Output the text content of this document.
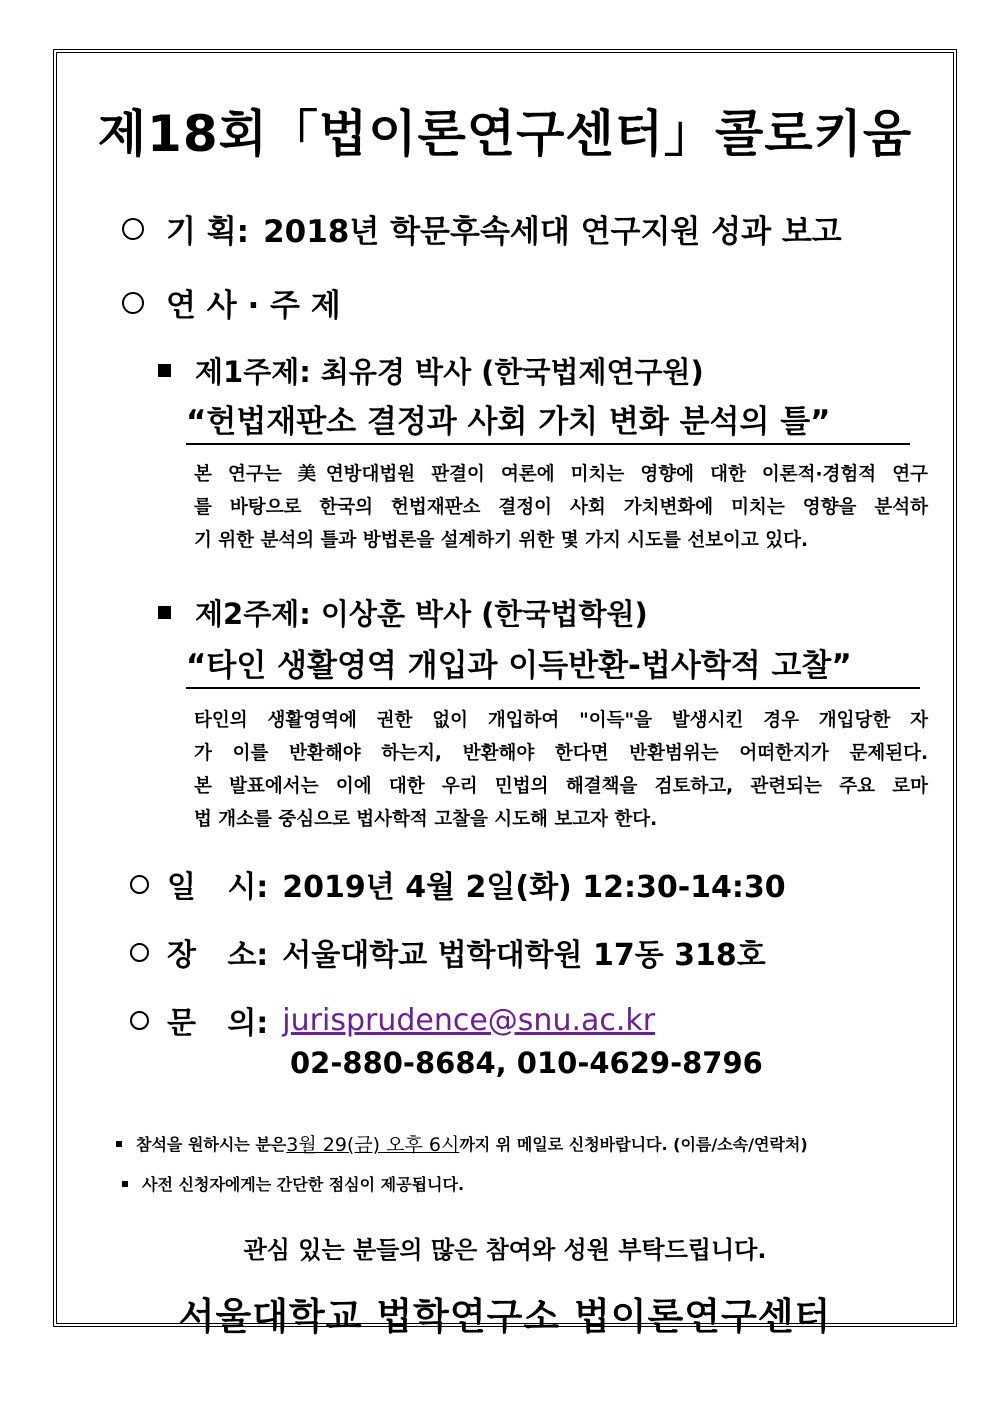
제18회「법이론연구센터」콜로키움
기 획: 2018년 학문후속세대 연구지원 성과 보고
연 사 · 주 제
제1주제: 최유경 박사 (한국법제연구원)
“헌법재판소 결정과 사회 가치 변화 분석의 틀”
본 연구는 美연방대법원 판결이 여론에 미치는 영향에 대한 이론적·경험적 연구
를 바탕으로 한국의 헌법재판소 결정이 사회 가치변화에 미치는 영향을 분석하
기 위한 분석의 틀과 방법론을 설계하기 위한 몇 가지 시도를 선보이고 있다.
제2주제: 이상훈 박사 (한국법학원)
“타인 생활영역 개입과 이득반환-법사학적 고찰”
타인의 생활영역에 권한 없이 개입하여 "이득"을 발생시킨 경우 개입당한 자
가 이를 반환해야 하는지, 반환해야 한다면 반환범위는 어떠한지가 문제된다.
본 발표에서는 이에 대한 우리 민법의 해결책을 검토하고, 관련되는 주요 로마
법 개소를 중심으로 법사학적 고찰을 시도해 보고자 한다.
일   시: 2019년 4월 2일(화) 12:30-14:30
장   소: 서울대학교 법학대학원 17동 318호
문   의: jurisprudence@snu.ac.kr
02-880-8684, 010-4629-8796
참석을 원하시는 분은 3월 29(금) 오후 6시 까지 위 메일로 신청바랍니다. (이름/소속/연락처)
사전 신청자에게는 간단한 점심이 제공됩니다.
관심 있는 분들의 많은 참여와 성원 부탁드립니다.
서울대학교 법학연구소 법이론연구센터
